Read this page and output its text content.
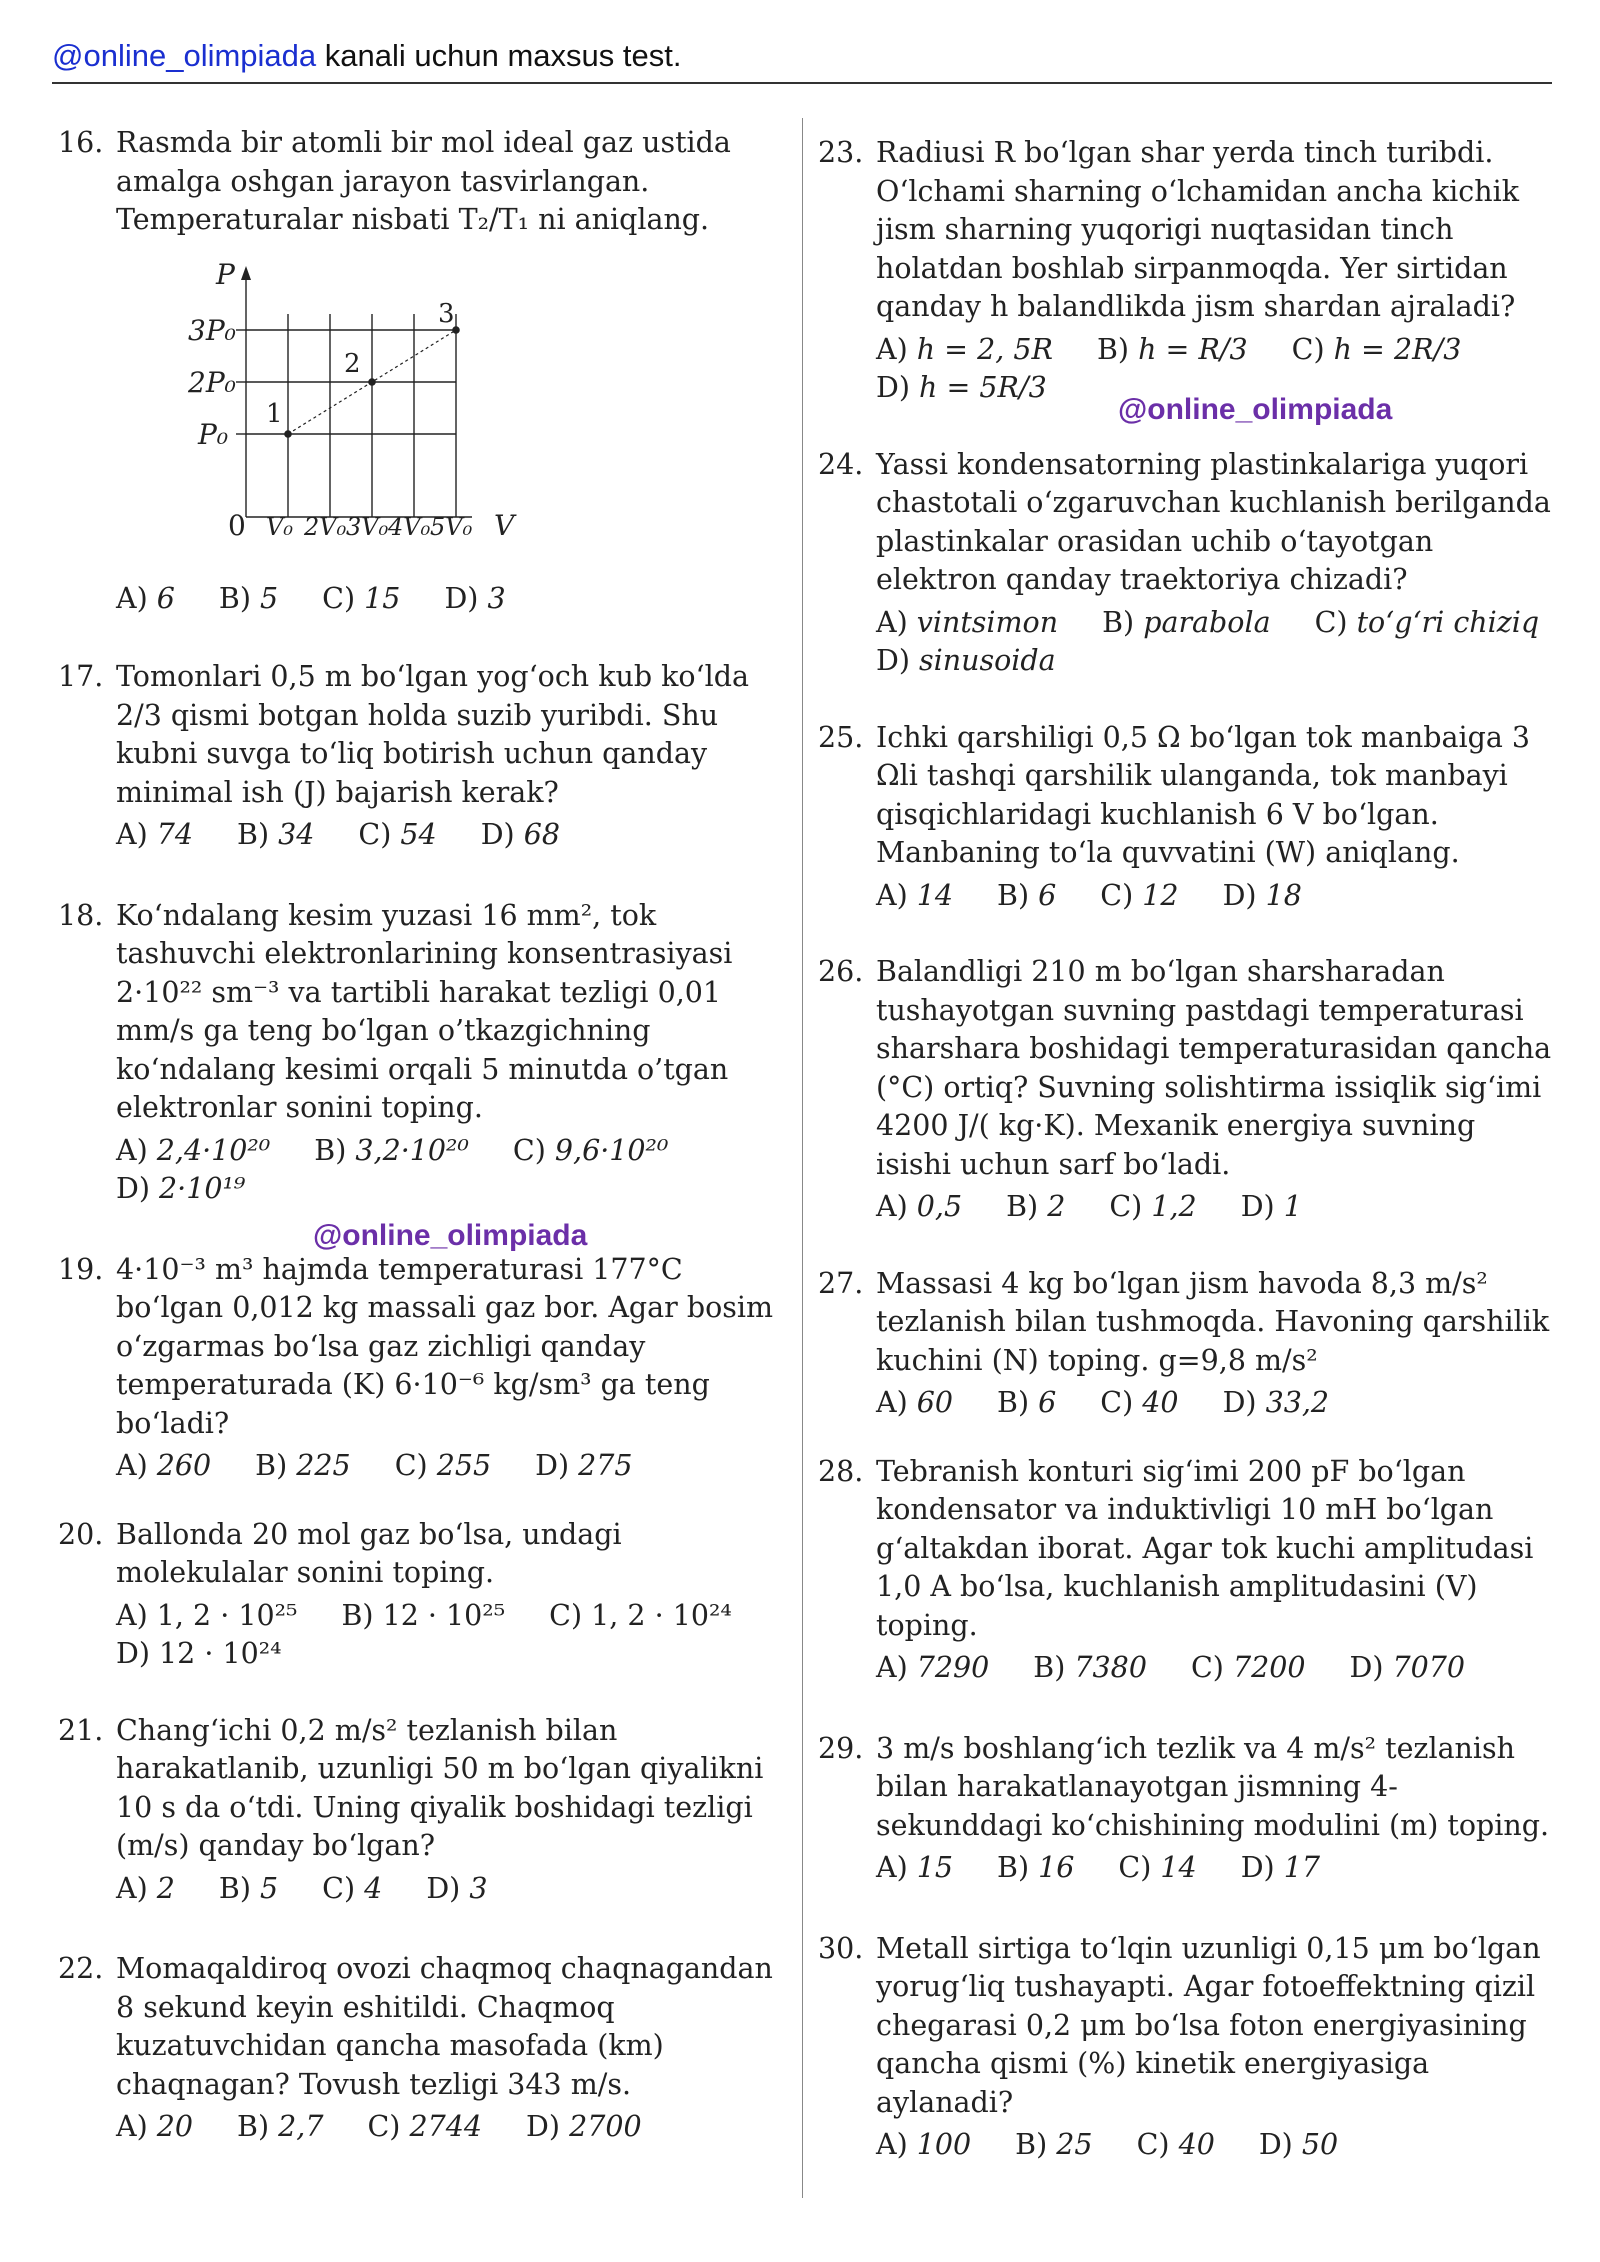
@online_olimpiada kanali uchun maxsus test.
16. Rasmda bir atomli bir mol ideal gaz ustida amalga oshgan jarayon tasvirlangan. Temperaturalar nisbati T₂/T₁ ni aniqlang.
P
V
0
3P₀
2P₀
P₀
V₀ 2V₀ 3V₀ 4V₀ 5V₀
1
2
3
A) 6 B) 5 C) 15 D) 3
17. Tomonlari 0,5 m bo‘lgan yog‘och kub ko‘lda 2/3 qismi botgan holda suzib yuribdi. Shu kubni suvga to‘liq botirish uchun qanday minimal ish (J) bajarish kerak?
A) 74 B) 34 C) 54 D) 68
18. Ko‘ndalang kesim yuzasi 16 mm², tok tashuvchi elektronlarining konsentrasiyasi 2·10²² sm⁻³ va tartibli harakat tezligi 0,01 mm/s ga teng bo‘lgan o’tkazgichning ko‘ndalang kesimi orqali 5 minutda o’tgan elektronlar sonini toping.
A) 2,4·10²⁰ B) 3,2·10²⁰ C) 9,6·10²⁰
D) 2·10¹⁹
19. 4·10⁻³ m³ hajmda temperaturasi 177°C bo‘lgan 0,012 kg massali gaz bor. Agar bosim o‘zgarmas bo‘lsa gaz zichligi qanday temperaturada (K) 6·10⁻⁶ kg/sm³ ga teng bo‘ladi?
A) 260 B) 225 C) 255 D) 275
20. Ballonda 20 mol gaz bo‘lsa, undagi molekulalar sonini toping.
A) 1, 2 · 10²⁵ B) 12 · 10²⁵ C) 1, 2 · 10²⁴
D) 12 · 10²⁴
21. Chang‘ichi 0,2 m/s² tezlanish bilan harakatlanib, uzunligi 50 m bo‘lgan qiyalikni 10 s da o‘tdi. Uning qiyalik boshidagi tezligi (m/s) qanday bo‘lgan?
A) 2 B) 5 C) 4 D) 3
22. Momaqaldiroq ovozi chaqmoq chaqnagandan 8 sekund keyin eshitildi. Chaqmoq kuzatuvchidan qancha masofada (km) chaqnagan? Tovush tezligi 343 m/s.
A) 20 B) 2,7 C) 2744 D) 2700
23. Radiusi R bo‘lgan shar yerda tinch turibdi. O‘lchami sharning o‘lchamidan ancha kichik jism sharning yuqorigi nuqtasidan tinch holatdan boshlab sirpanmoqda. Yer sirtidan qanday h balandlikda jism shardan ajraladi?
A) h = 2, 5R B) h = R/3 C) h = 2R/3
D) h = 5R/3
24. Yassi kondensatorning plastinkalariga yuqori chastotali o‘zgaruvchan kuchlanish berilganda plastinkalar orasidan uchib o‘tayotgan elektron qanday traektoriya chizadi?
A) vintsimon B) parabola C) to‘g‘ri chiziq
D) sinusoida
25. Ichki qarshiligi 0,5 Ω bo‘lgan tok manbaiga 3 Ωli tashqi qarshilik ulanganda, tok manbayi qisqichlaridagi kuchlanish 6 V bo‘lgan. Manbaning to‘la quvvatini (W) aniqlang.
A) 14 B) 6 C) 12 D) 18
26. Balandligi 210 m bo‘lgan sharsharadan tushayotgan suvning pastdagi temperaturasi sharshara boshidagi temperaturasidan qancha (°C) ortiq? Suvning solishtirma issiqlik sig‘imi 4200 J/( kg·K). Mexanik energiya suvning isishi uchun sarf bo‘ladi.
A) 0,5 B) 2 C) 1,2 D) 1
27. Massasi 4 kg bo‘lgan jism havoda 8,3 m/s² tezlanish bilan tushmoqda. Havoning qarshilik kuchini (N) toping. g=9,8 m/s²
A) 60 B) 6 C) 40 D) 33,2
28. Tebranish konturi sig‘imi 200 pF bo‘lgan kondensator va induktivligi 10 mH bo‘lgan g‘altakdan iborat. Agar tok kuchi amplitudasi 1,0 A bo‘lsa, kuchlanish amplitudasini (V) toping.
A) 7290 B) 7380 C) 7200 D) 7070
29. 3 m/s boshlang‘ich tezlik va 4 m/s² tezlanish bilan harakatlanayotgan jismning 4-sekunddagi ko‘chishining modulini (m) toping.
A) 15 B) 16 C) 14 D) 17
30. Metall sirtiga to‘lqin uzunligi 0,15 μm bo‘lgan yorug‘liq tushayapti. Agar fotoeffektning qizil chegarasi 0,2 μm bo‘lsa foton energiyasining qancha qismi (%) kinetik energiyasiga aylanadi?
A) 100 B) 25 C) 40 D) 50
@online_olimpiada
@online_olimpiada
